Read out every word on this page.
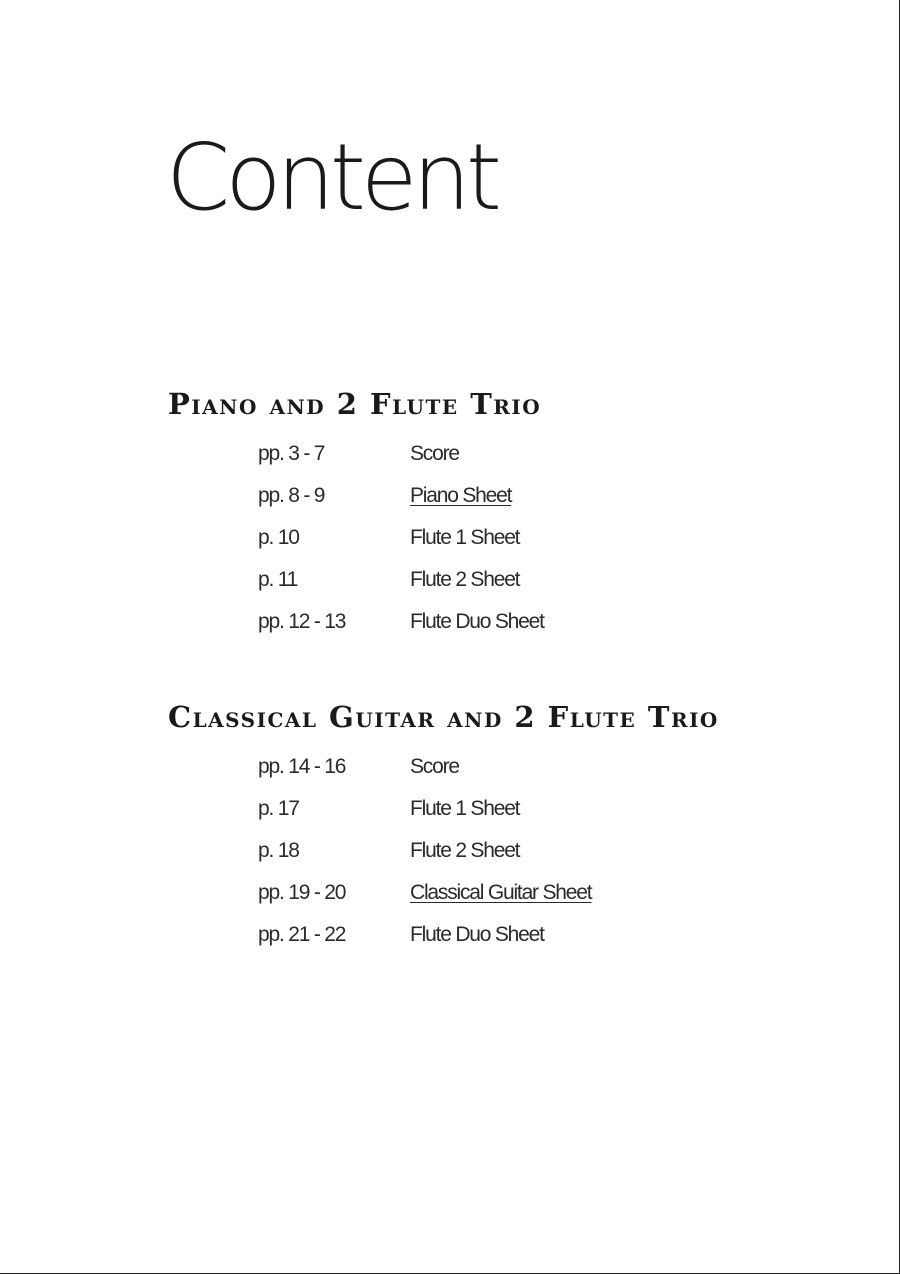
Content
Piano and 2 Flute Trio
pp. 3 - 7	Score
pp. 8 - 9	Piano Sheet
p. 10	Flute 1 Sheet
p. 11	Flute 2 Sheet
pp. 12 - 13	Flute Duo Sheet
Classical Guitar and 2 Flute Trio
pp. 14 - 16	Score
p. 17	Flute 1 Sheet
p. 18	Flute 2 Sheet
pp. 19 - 20	Classical Guitar Sheet
pp. 21 - 22	Flute Duo Sheet
